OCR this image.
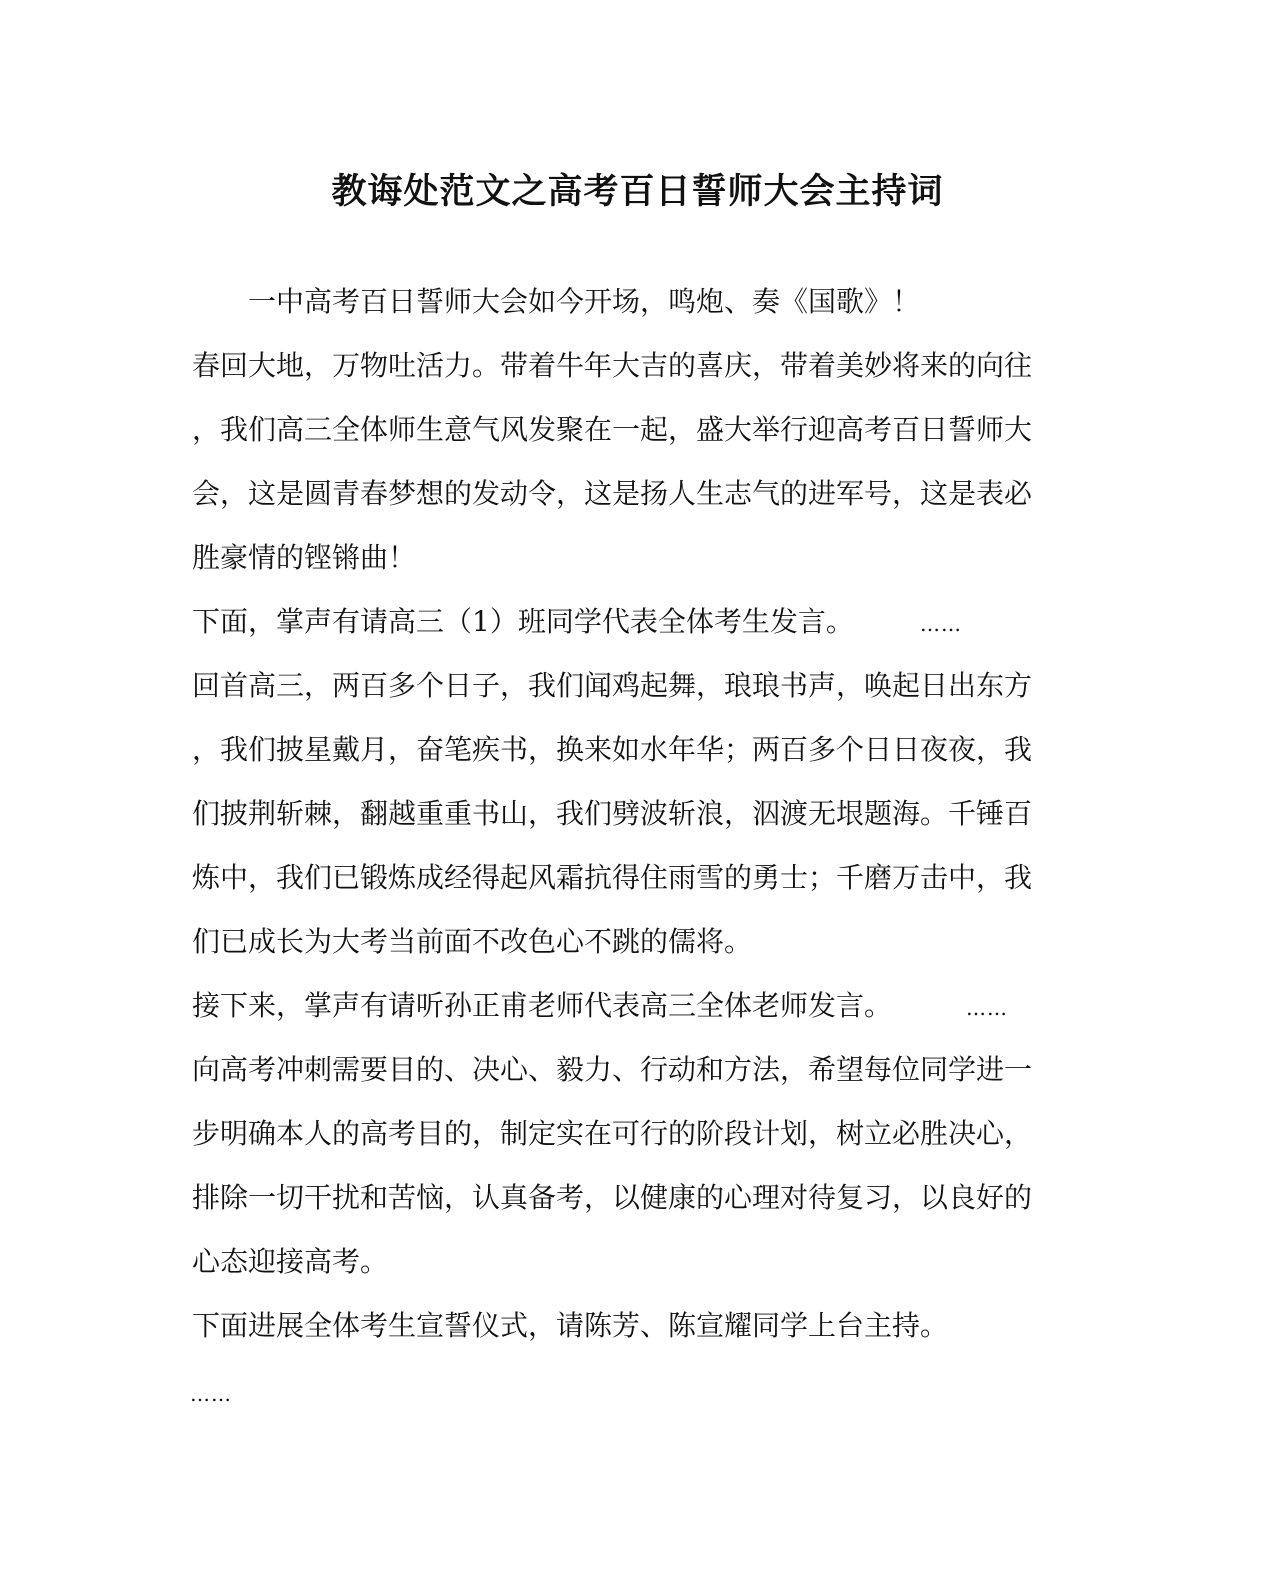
教诲处范文之高考百日誓师大会主持词
一中高考百日誓师大会如今开场，鸣炮、奏《国歌》！
春回大地，万物吐活力。带着牛年大吉的喜庆，带着美妙将来的向往
，我们高三全体师生意气风发聚在一起，盛大举行迎高考百日誓师大
会，这是圆青春梦想的发动令，这是扬人生志气的进军号，这是表必
胜豪情的铿锵曲！
下面，掌声有请高三（1）班同学代表全体考生发言。	……
回首高三，两百多个日子，我们闻鸡起舞，琅琅书声，唤起日出东方
，我们披星戴月，奋笔疾书，换来如水年华；两百多个日日夜夜，我
们披荆斩棘，翻越重重书山，我们劈波斩浪，泅渡无垠题海。千锤百
炼中，我们已锻炼成经得起风霜抗得住雨雪的勇士；千磨万击中，我
们已成长为大考当前面不改色心不跳的儒将。
接下来，掌声有请听孙正甫老师代表高三全体老师发言。	……
向高考冲刺需要目的、决心、毅力、行动和方法，希望每位同学进一
步明确本人的高考目的，制定实在可行的阶段计划，树立必胜决心，
排除一切干扰和苦恼，认真备考，以健康的心理对待复习，以良好的
心态迎接高考。
下面进展全体考生宣誓仪式，请陈芳、陈宣耀同学上台主持。
……
